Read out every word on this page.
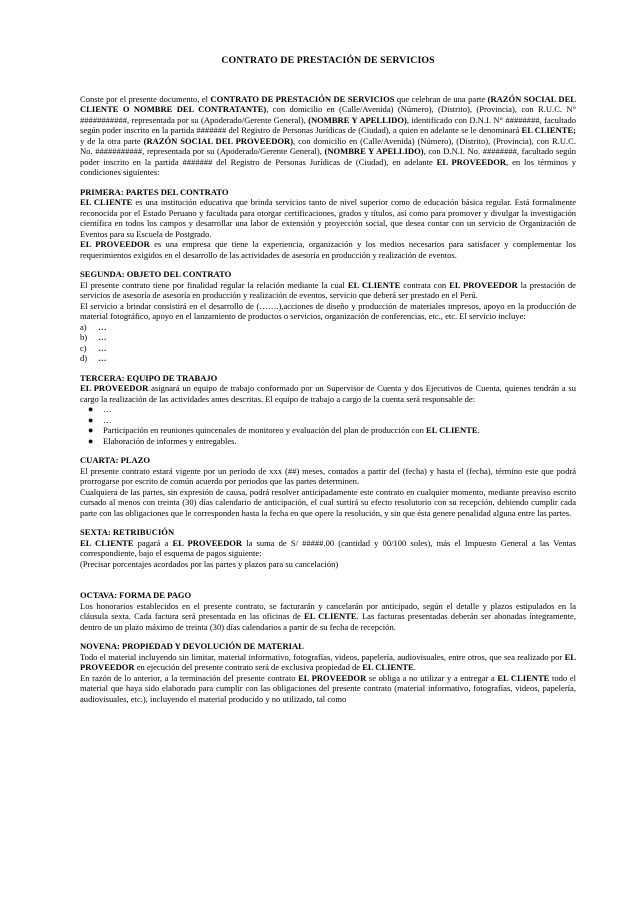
CONTRATO DE PRESTACIÓN DE SERVICIOS

Conste por el presente documento, el CONTRATO DE PRESTACIÓN DE SERVICIOS que celebran de una parte (RAZÓN SOCIAL DEL CLIENTE O NOMBRE DEL CONTRATANTE), con domicilio en (Calle/Avenida) (Número), (Distrito), (Provincia), con R.U.C. N° ###########, representada por su (Apoderado/Gerente General), (NOMBRE Y APELLIDO), identificado con D.N.I. N° ########, facultado según poder inscrito en la partida ####### del Registro de Personas Jurídicas de (Ciudad), a quien en adelante se le denominará EL CLIENTE; y de la otra parte (RAZÓN SOCIAL DEL PROVEEDOR), con domicilio en (Calle/Avenida) (Número), (Distrito), (Provincia), con R.U.C. No. ###########, representada por su (Apoderado/Gerente General), (NOMBRE Y APELLIDO), con D.N.I. No. ########, facultado según poder inscrito en la partida ####### del Registro de Personas Jurídicas de (Ciudad), en adelante EL PROVEEDOR, en los términos y condiciones siguientes:

PRIMERA: PARTES DEL CONTRATO

EL CLIENTE es una institución educativa que brinda servicios tanto de nivel superior como de educación básica regular. Está formalmente reconocida por el Estado Peruano y facultada para otorgar certificaciones, grados y títulos, así como para promover y divulgar la investigación científica en todos los campos y desarrollar una labor de extensión y proyección social, que desea contar con un servicio de Organización de Eventos para su Escuela de Postgrado.

EL PROVEEDOR es una empresa que tiene la experiencia, organización y los medios necesarios para satisfacer y complementar los requerimientos exigidos en el desarrollo de las actividades de asesoría en producción y realización de eventos.

SEGUNDA: OBJETO DEL CONTRATO

El presente contrato tiene por finalidad regular la relación mediante la cual EL CLIENTE contrata con EL PROVEEDOR la prestación de servicios de asesoría de asesoría en producción y realización de eventos, servicio que deberá ser prestado en el Perú.

El servicio a brindar consistirá en el desarrollo de (…….),acciones de diseño y producción de materiales impresos, apoyo en la producción de material fotográfico, apoyo en el lanzamiento de productos o servicios, organización de conferencias, etc., etc. El servicio incluye:

a)	…
b)	…
c)	…
d)	…

TERCERA: EQUIPO DE TRABAJO

EL PROVEEDOR asignará un equipo de trabajo conformado por un Supervisor de Cuenta y dos Ejecutivos de Cuenta, quienes tendrán a su cargo la realización de las actividades antes descritas. El equipo de trabajo a cargo de la cuenta será responsable de:

●	…
●	…
●	Participación en reuniones quincenales de monitoreo y evaluación del plan de producción con EL CLIENTE.
●	Elaboración de informes y entregables.

CUARTA: PLAZO

El presente contrato estará vigente por un periodo de xxx (##) meses, contados a partir del (fecha) y hasta el (fecha), término este que podrá prorrogarse por escrito de común acuerdo por periodos que las partes determinen.

Cualquiera de las partes, sin expresión de causa, podrá resolver anticipadamente este contrato en cualquier momento, mediante preaviso escrito cursado al menos con treinta (30) días calendario de anticipación, el cual surtirá su efecto resolutorio con su recepción, debiendo cumplir cada parte con las obligaciones que le corresponden hasta la fecha en que opere la resolución, y sin que ésta genere penalidad alguna entre las partes.

SEXTA: RETRIBUCIÓN

EL CLIENTE pagará a EL PROVEEDOR la suma de S/ #####.00 (cantidad y 00/100 soles), más el Impuesto General a las Ventas correspondiente, bajo el esquema de pagos siguiente:

(Precisar porcentajes acordados por las partes y plazos para su cancelación)

OCTAVA: FORMA DE PAGO

Los honorarios establecidos en el presente contrato, se facturarán y cancelarán por anticipado, según el detalle y plazos estipulados en la cláusula sexta. Cada factura será presentada en las oficinas de EL CLIENTE. Las facturas presentadas deberán ser abonadas íntegramente, dentro de un plazo máximo de treinta (30) días calendarios a partir de su fecha de recepción.

NOVENA: PROPIEDAD Y DEVOLUCIÓN DE MATERIAL

Todo el material incluyendo sin limitar, material informativo, fotografías, videos, papelería, audiovisuales, entre otros, que sea realizado por EL PROVEEDOR en ejecución del presente contrato será de exclusiva propiedad de EL CLIENTE.

En razón de lo anterior, a la terminación del presente contrato EL PROVEEDOR se obliga a no utilizar y a entregar a EL CLIENTE todo el material que haya sido elaborado para cumplir con las obligaciones del presente contrato (material informativo, fotografías, videos, papelería, audiovisuales, etc.), incluyendo el material producido y no utilizado, tal como
